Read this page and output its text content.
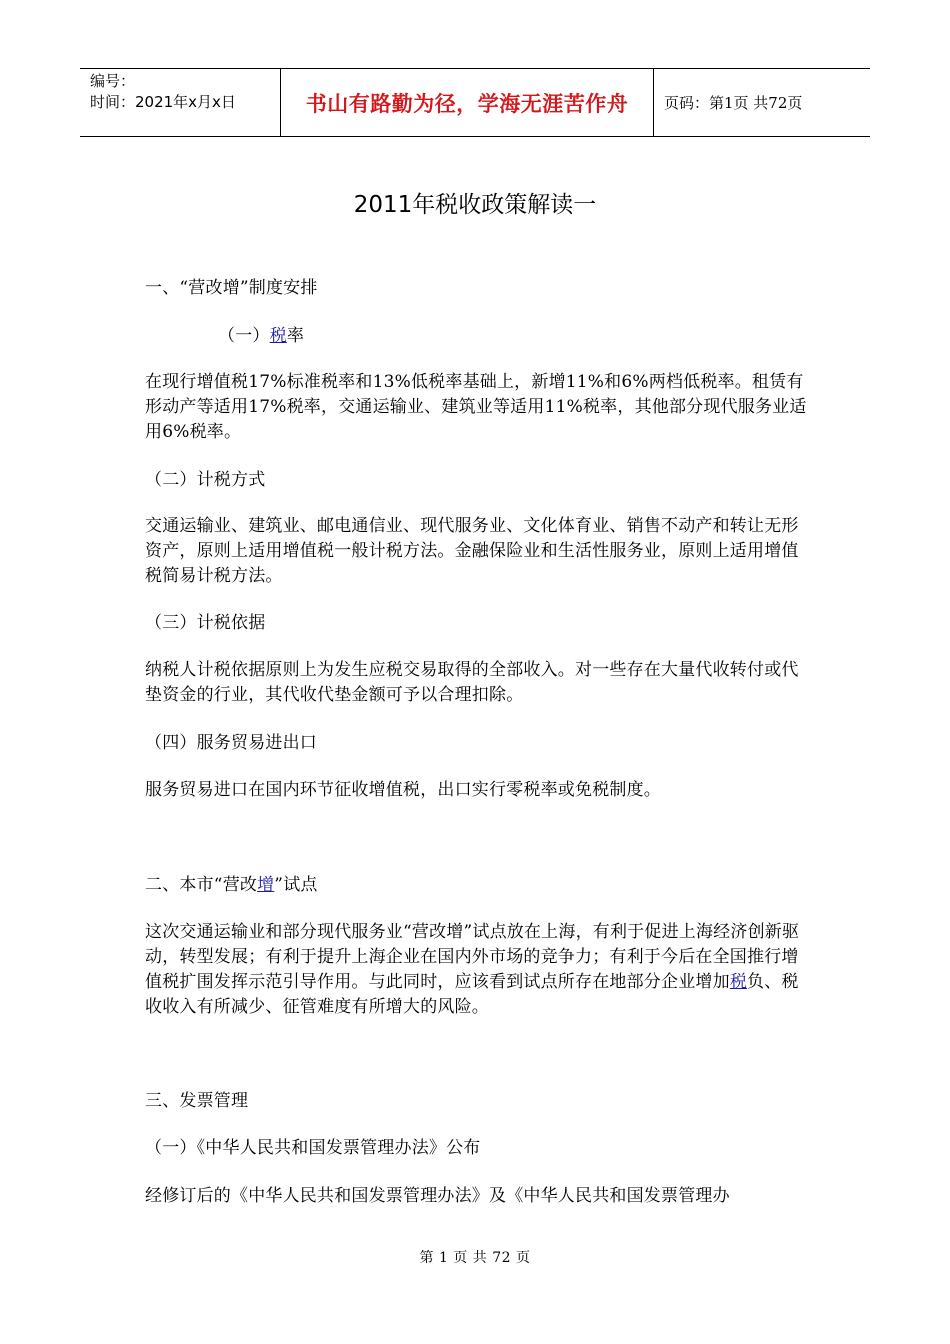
编号：
时间：2021年x月x日	书山有路勤为径，学海无涯苦作舟	页码：第1页 共72页
2011年税收政策解读一
一、“营改增”制度安排
（一）税率
在现行增值税17%标准税率和13%低税率基础上，新增11%和6%两档低税率。租赁有形动产等适用17%税率，交通运输业、建筑业等适用11%税率，其他部分现代服务业适用6%税率。
（二）计税方式
交通运输业、建筑业、邮电通信业、现代服务业、文化体育业、销售不动产和转让无形资产，原则上适用增值税一般计税方法。金融保险业和生活性服务业，原则上适用增值税简易计税方法。
（三）计税依据
纳税人计税依据原则上为发生应税交易取得的全部收入。对一些存在大量代收转付或代垫资金的行业，其代收代垫金额可予以合理扣除。
（四）服务贸易进出口
服务贸易进口在国内环节征收增值税，出口实行零税率或免税制度。
二、本市“营改增”试点
这次交通运输业和部分现代服务业“营改增”试点放在上海，有利于促进上海经济创新驱动，转型发展；有利于提升上海企业在国内外市场的竞争力；有利于今后在全国推行增值税扩围发挥示范引导作用。与此同时，应该看到试点所存在地部分企业增加税负、税收收入有所减少、征管难度有所增大的风险。
三、发票管理
（一）《中华人民共和国发票管理办法》公布
经修订后的《中华人民共和国发票管理办法》及《中华人民共和国发票管理办
第 1 页 共 72 页
